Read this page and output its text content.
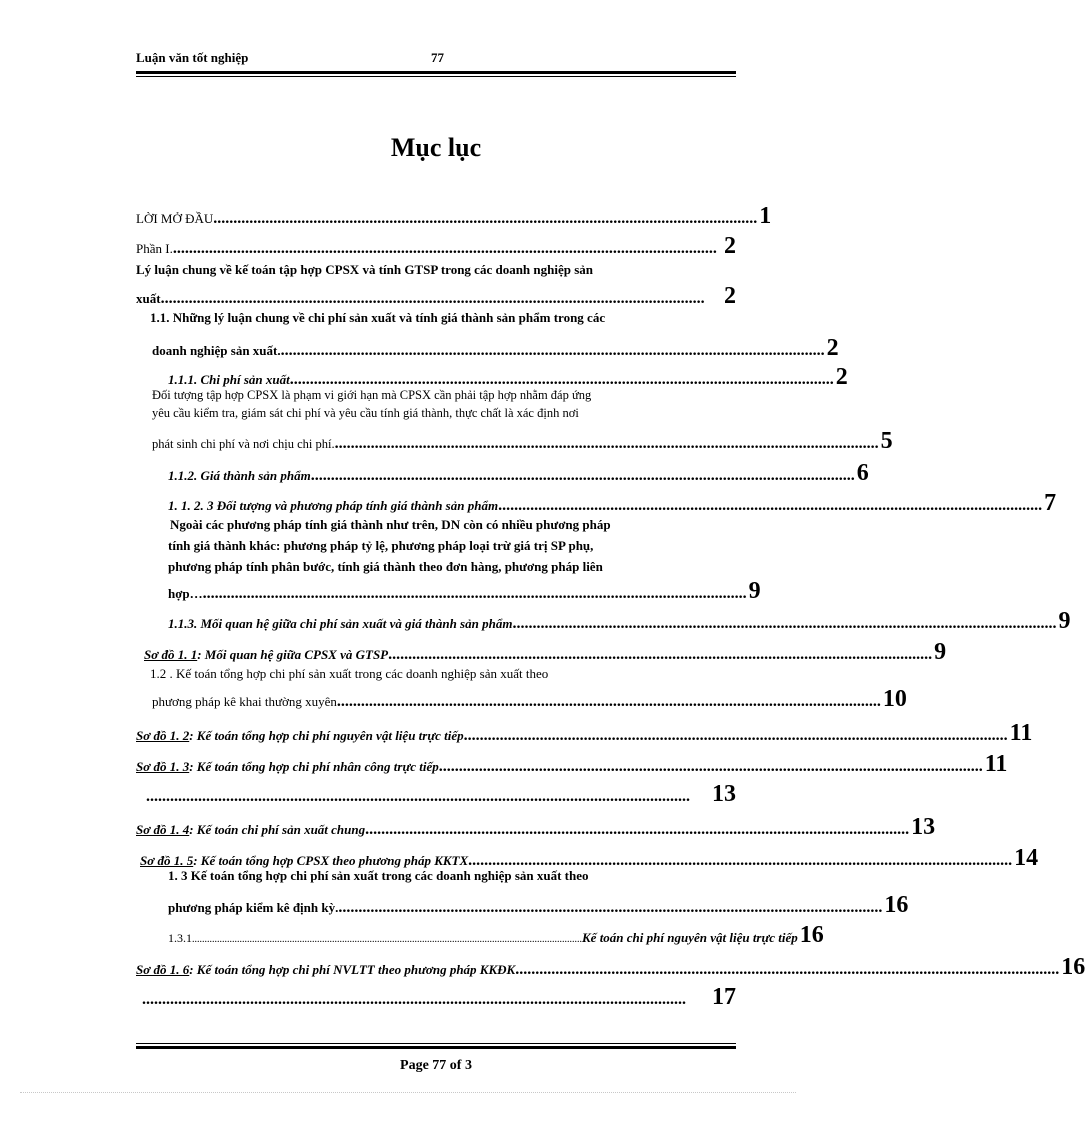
Luận văn tốt nghiệp	77
Mục lục
LỜI MỞ ĐẦU ........................................................................................................................................ 1
Phần I. ........................................................................................................................................ 2
Lý luận chung về kế toán tập hợp CPSX và tính GTSP trong các doanh nghiệp sản
xuất ........................................................................................................................................ 2
1.1. Những lý luận chung về chi phí sản xuất và tính giá thành sản phẩm trong các
doanh nghiệp sản xuất. ........................................................................................................................................ 2
1.1.1. Chi phí sản xuất ........................................................................................................................................ 2
Đối tượng tập hợp CPSX là phạm vi giới hạn mà CPSX cần phải tập hợp nhằm đáp ứng
yêu cầu kiểm tra, giám sát chi phí và yêu cầu tính giá thành, thực chất là xác định nơi
phát sinh chi phí và nơi chịu chi phí. ........................................................................................................................................ 5
1.1.2. Giá thành sản phẩm ........................................................................................................................................ 6
1. 1. 2. 3 Đối tượng và phương pháp tính giá thành sản phẩm ........................................................................................................................................ 7
Ngoài các phương pháp tính giá thành như trên, DN còn có nhiều phương pháp
tính giá thành khác: phương pháp tỷ lệ, phương pháp loại trừ giá trị SP phụ,
phương pháp tính phân bước, tính giá thành theo đơn hàng, phương pháp liên
hợp… ........................................................................................................................................ 9
1.1.3. Mối quan hệ giữa chi phí sản xuất và giá thành sản phẩm ........................................................................................................................................ 9
Sơ đồ 1. 1 : Mối quan hệ giữa CPSX và GTSP ........................................................................................................................................ 9
1.2 . Kế toán tổng hợp chi phí sản xuất trong các doanh nghiệp sản xuất theo
phương pháp kê khai thường xuyên ........................................................................................................................................ 10
Sơ đồ 1. 2 : Kế toán tổng hợp chi phí nguyên vật liệu trực tiếp ........................................................................................................................................ 11
Sơ đồ 1. 3 : Kế toán tổng hợp chi phí nhân công trực tiếp ........................................................................................................................................ 11
........................................................................................................................................ 13
Sơ đồ 1. 4 : Kế toán chi phí sản xuất chung ........................................................................................................................................ 13
Sơ đồ 1. 5 : Kế toán tổng hợp CPSX theo phương pháp KKTX ........................................................................................................................................ 14
1. 3 Kế toán tổng hợp chi phí sản xuất trong các doanh nghiệp sản xuất theo
phương pháp kiểm kê định kỳ. ........................................................................................................................................ 16
1.3.1 ............................................................................................................................................................ Kế toán chi phí nguyên vật liệu trực tiếp 16
Sơ đồ 1. 6 : Kế toán tổng hợp chi phí NVLTT theo phương pháp KKĐK ........................................................................................................................................ 16
........................................................................................................................................	17
Page 77 of 3
